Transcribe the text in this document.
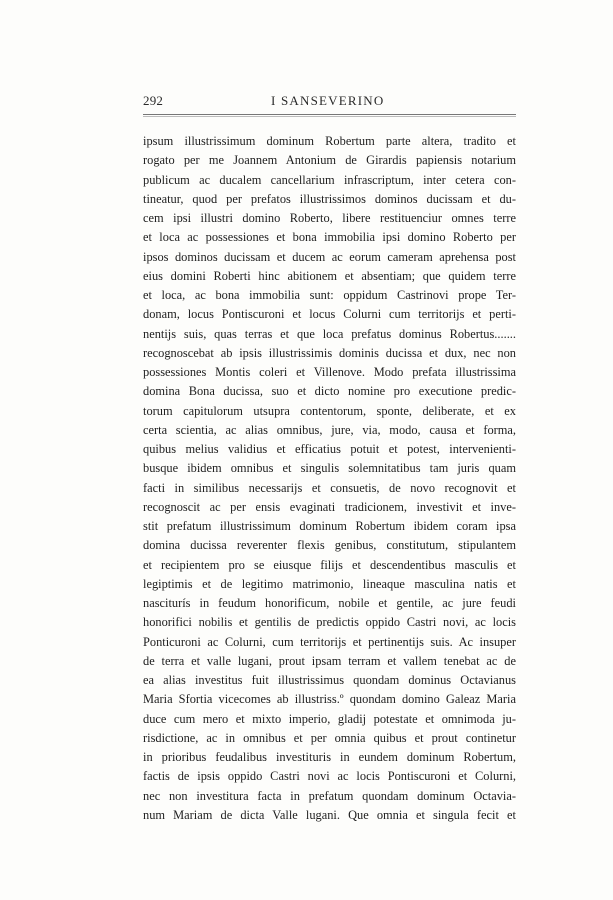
292	I SANSEVERINO
ipsum illustrissimum dominum Robertum parte altera, tradito et
rogato per me Joannem Antonium de Girardis papiensis notarium
publicum ac ducalem cancellarium infrascriptum, inter cetera con-
tineatur, quod per prefatos illustrissimos dominos ducissam et du-
cem ipsi illustri domino Roberto, libere restituenciur omnes terre
et loca ac possessiones et bona immobilia ipsi domino Roberto per
ipsos dominos ducissam et ducem ac eorum cameram aprehensa post
eius domini Roberti hinc abitionem et absentiam; que quidem terre
et loca, ac bona immobilia sunt: oppidum Castrinovi prope Ter-
donam, locus Pontiscuroni et locus Colurni cum territorijs et perti-
nentijs suis, quas terras et que loca prefatus dominus Robertus.......
recognoscebat ab ipsis illustrissimis dominis ducissa et dux, nec non
possessiones Montis coleri et Villenove. Modo prefata illustrissima
domina Bona ducissa, suo et dicto nomine pro executione predic-
torum capitulorum utsupra contentorum, sponte, deliberate, et ex
certa scientia, ac alias omnibus, jure, via, modo, causa et forma,
quibus melius validius et efficatius potuit et potest, intervenienti-
busque ibidem omnibus et singulis solemnitatibus tam juris quam
facti in similibus necessarijs et consuetis, de novo recognovit et
recognoscit ac per ensis evaginati tradicionem, investivit et inve-
stit prefatum illustrissimum dominum Robertum ibidem coram ipsa
domina ducissa reverenter flexis genibus, constitutum, stipulantem
et recipientem pro se eiusque filijs et descendentibus masculis et
legiptimis et de legitimo matrimonio, lineaque masculina natis et
nasciturís in feudum honorificum, nobile et gentile, ac jure feudi
honorifici nobilis et gentilis de predictis oppido Castri novi, ac locis
Ponticuroni ac Colurni, cum territorijs et pertinentijs suis. Ac insuper
de terra et valle lugani, prout ipsam terram et vallem tenebat ac de
ea alias investitus fuit illustrissimus quondam dominus Octavianus
Maria Sfortia vicecomes ab illustriss.º quondam domino Galeaz Maria
duce cum mero et mixto imperio, gladij potestate et omnimoda ju-
risdictione, ac in omnibus et per omnia quibus et prout continetur
in prioribus feudalibus investituris in eundem dominum Robertum,
factis de ipsis oppido Castri novi ac locis Pontiscuroni et Colurni,
nec non investitura facta in prefatum quondam dominum Octavia-
num Mariam de dicta Valle lugani. Que omnia et singula fecit et
